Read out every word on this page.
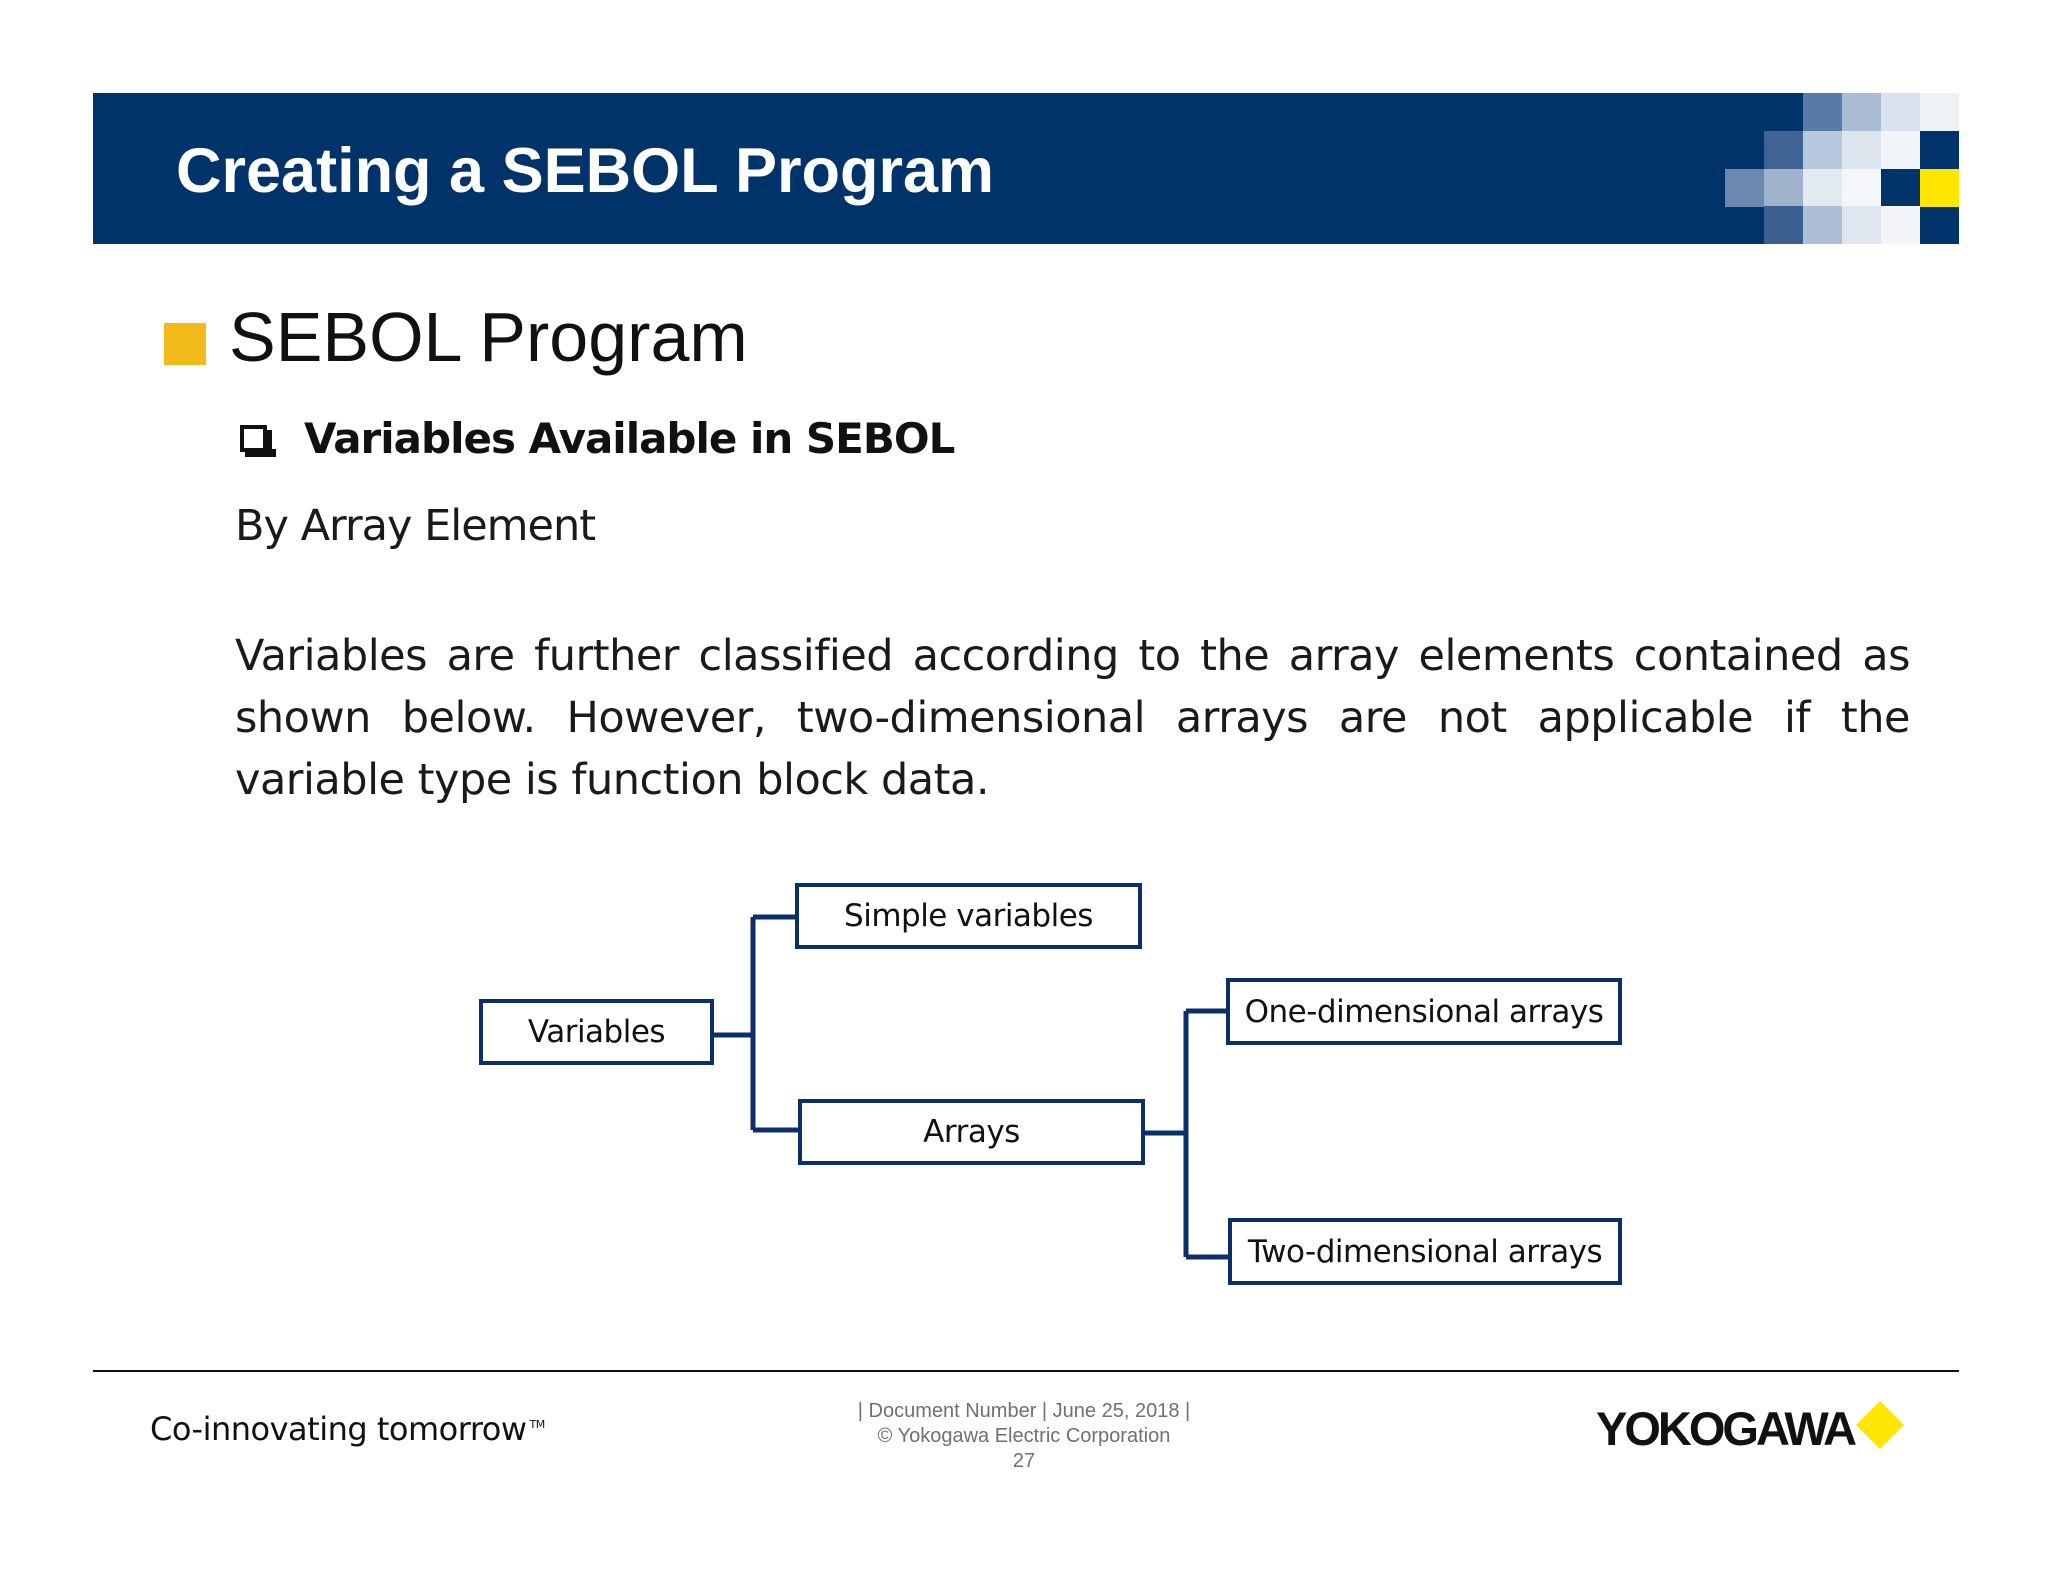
Creating a SEBOL Program
SEBOL Program
Variables Available in SEBOL
By Array Element
Variables are further classified according to the array elements contained as shown below. However, two-dimensional arrays are not applicable if the variable type is function block data.
Variables
Simple variables
Arrays
One-dimensional arrays
Two-dimensional arrays
Co-innovating tomorrow ™
| Document Number | June 25, 2018 |
© Yokogawa Electric Corporation
27
YOKOGAWA
